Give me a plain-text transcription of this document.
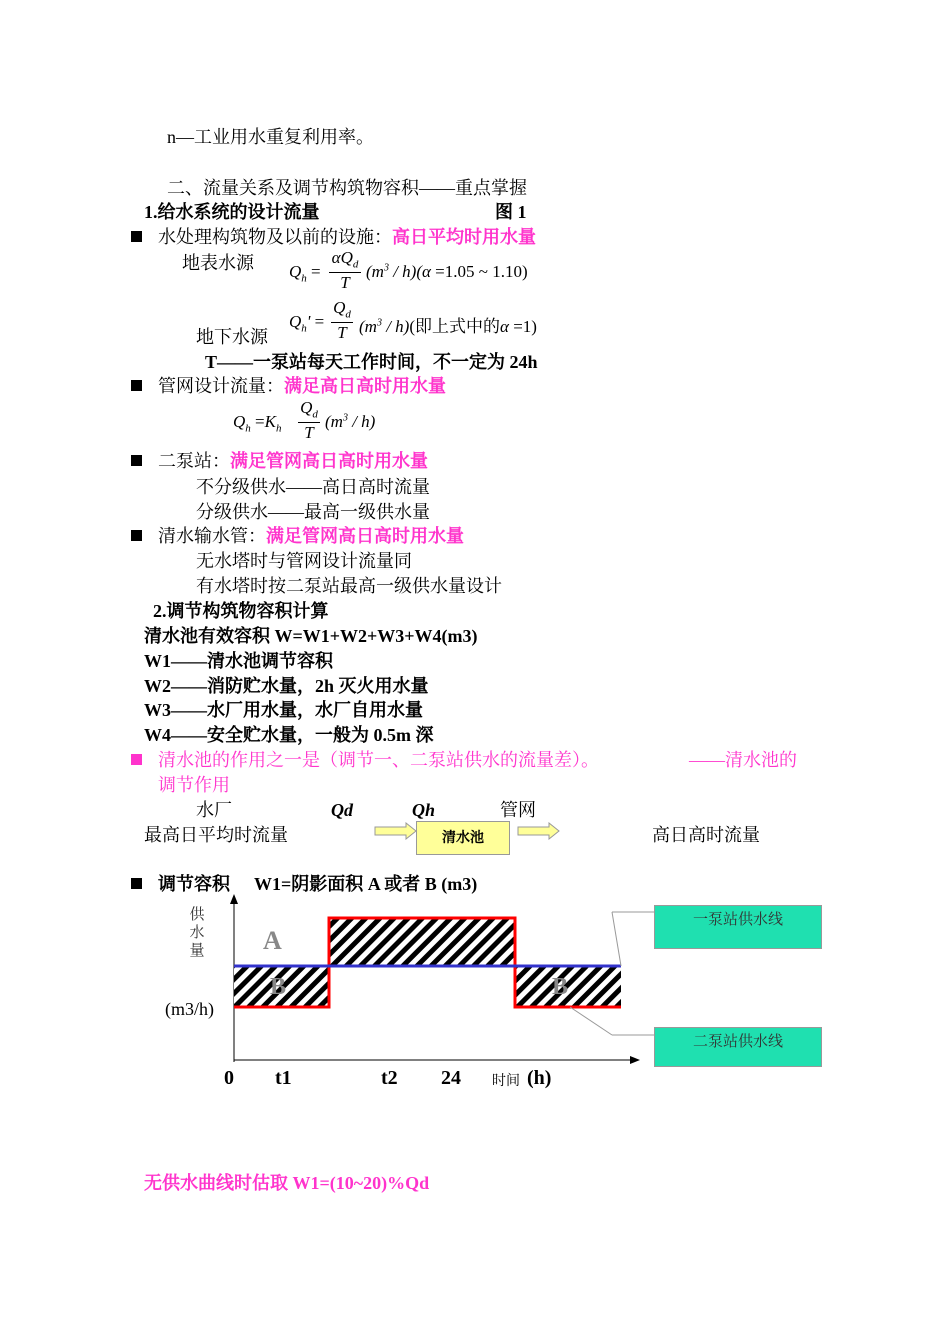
n—工业用水重复利用率。
二、流量关系及调节构筑物容积——重点掌握
1.给水系统的设计流量	图 1
水处理构筑物及以前的设施：高日平均时用水量
地表水源 $Q_h$ =
$\alpha Q_d$
T
$(m^3 / h)(\alpha =1.05$ ~ 1.10)
$Q_h'$ =
$Q_d$
T $(m^3 / h)$(即上式中的α =1)
地下水源
T——一泵站每天工作时间，不一定为 24h
管网设计流量：满足高日高时用水量
$Q_h =K_h$
$Q_d$
T
$(m^3 / h)$
二泵站：满足管网高日高时用水量
不分级供水——高日高时流量
分级供水——最高一级供水量
清水输水管：满足管网高日高时用水量
无水塔时与管网设计流量同
有水塔时按二泵站最高一级供水量设计
2.调节构筑物容积计算
清水池有效容积 W=W1+W2+W3+W4(m3)
W1——清水池调节容积
W2——消防贮水量，2h 灭火用水量
W3——水厂用水量，水厂自用水量
W4——安全贮水量，一般为 0.5m 深
清水池的作用之一是（调节一、二泵站供水的流量差）。	——清水池的
调节作用
水厂	Qd	Qh	管网
最高日平均时流量	清水池	高日高时流量
调节容积 W1=阴影面积 A 或者 B (m3)
A
B	B
供水量
(m3/h)
0 t1	t2 24 时间 (h)
一泵站供水线
二泵站供水线
无供水曲线时估取 W1=(10~20)%Qd
